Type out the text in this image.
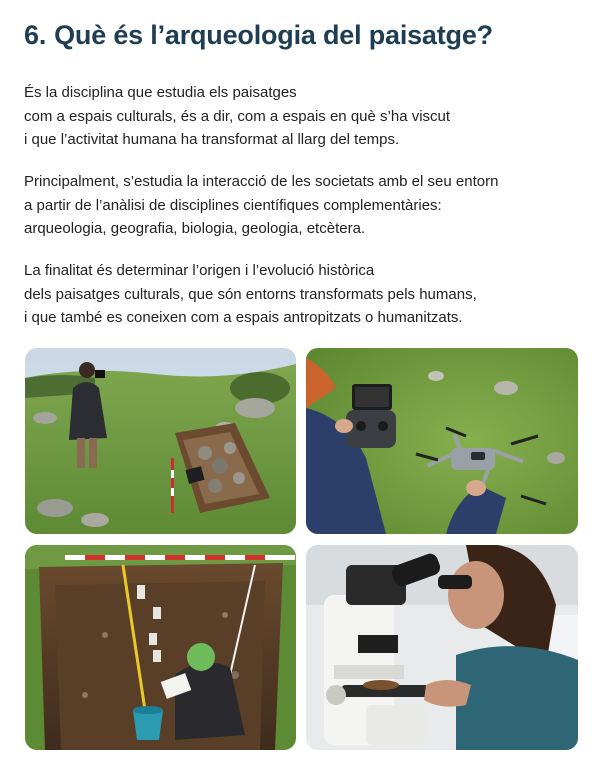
6. Què és l’arqueologia del paisatge?
És la disciplina que estudia els paisatges
com a espais culturals, és a dir, com a espais en què s’ha viscut
i que l’activitat humana ha transformat al llarg del temps.
Principalment, s’estudia la interacció de les societats amb el seu entorn
a partir de l’anàlisi de disciplines científiques complementàries:
arqueologia, geografia, biologia, geologia, etcètera.
La finalitat és determinar l’origen i l’evolució històrica
dels paisatges culturals, que són entorns transformats pels humans,
i que també es coneixen com a espais antropitzats o humanitzats.
